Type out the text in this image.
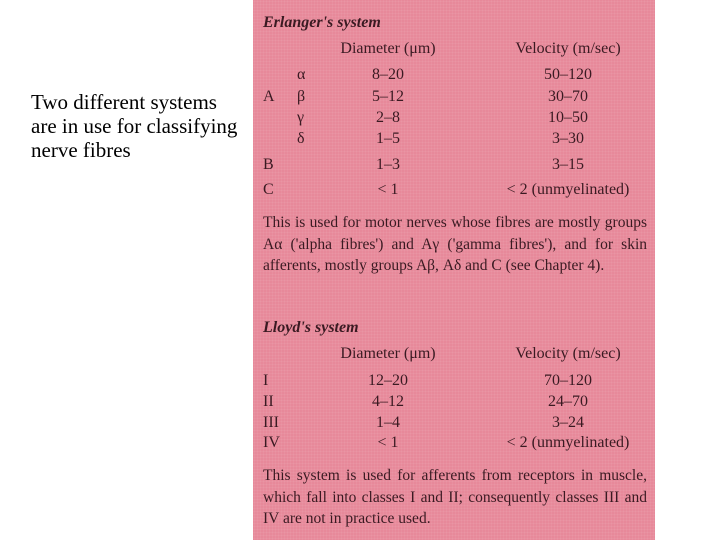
Two different systems are in use for classifying nerve fibres
Erlanger's system
Diameter (μm)	Velocity (m/sec)
α	8–20	50–120
A β	5–12	30–70
γ	2–8	10–50
δ	1–5	3–30
B	1–3	3–15
C	< 1	< 2 (unmyelinated)
This is used for motor nerves whose fibres are mostly groups Aα ('alpha fibres') and Aγ ('gamma fibres'), and for skin afferents, mostly groups Aβ, Aδ and C (see Chapter 4).
Lloyd's system
Diameter (μm)	Velocity (m/sec)
I	12–20	70–120
II	4–12	24–70
III	1–4	3–24
IV	< 1	< 2 (unmyelinated)
This system is used for afferents from receptors in muscle, which fall into classes I and II; consequently classes III and IV are not in practice used.
